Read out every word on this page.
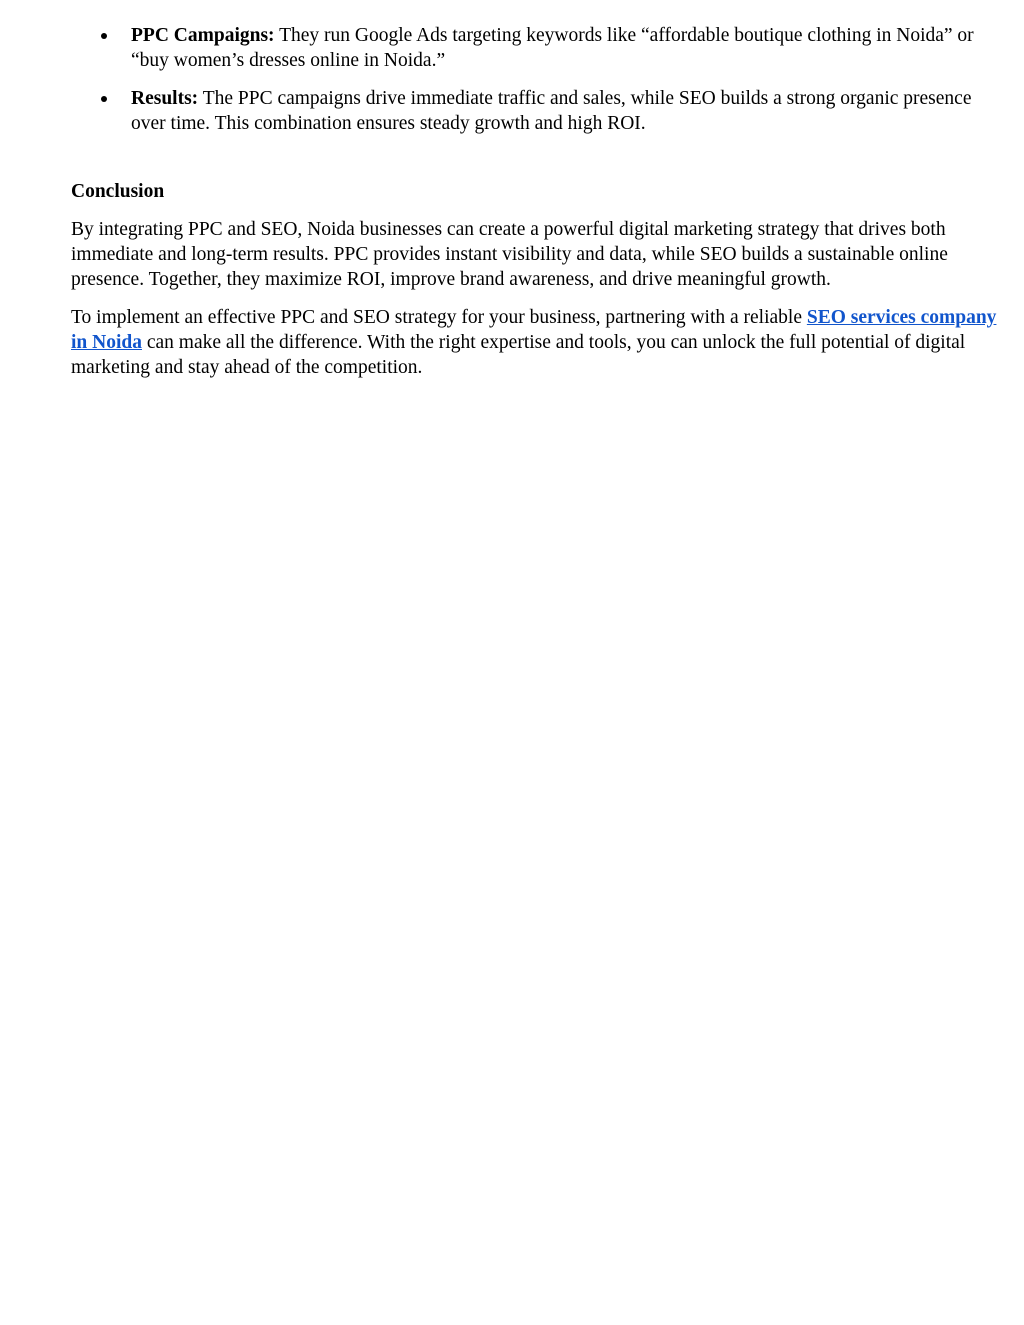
PPC Campaigns: They run Google Ads targeting keywords like “affordable boutique clothing in Noida” or “buy women’s dresses online in Noida.”
Results: The PPC campaigns drive immediate traffic and sales, while SEO builds a strong organic presence over time. This combination ensures steady growth and high ROI.
Conclusion

By integrating PPC and SEO, Noida businesses can create a powerful digital marketing strategy that drives both immediate and long-term results. PPC provides instant visibility and data, while SEO builds a sustainable online presence. Together, they maximize ROI, improve brand awareness, and drive meaningful growth.

To implement an effective PPC and SEO strategy for your business, partnering with a reliable SEO services company in Noida can make all the difference. With the right expertise and tools, you can unlock the full potential of digital marketing and stay ahead of the competition.
